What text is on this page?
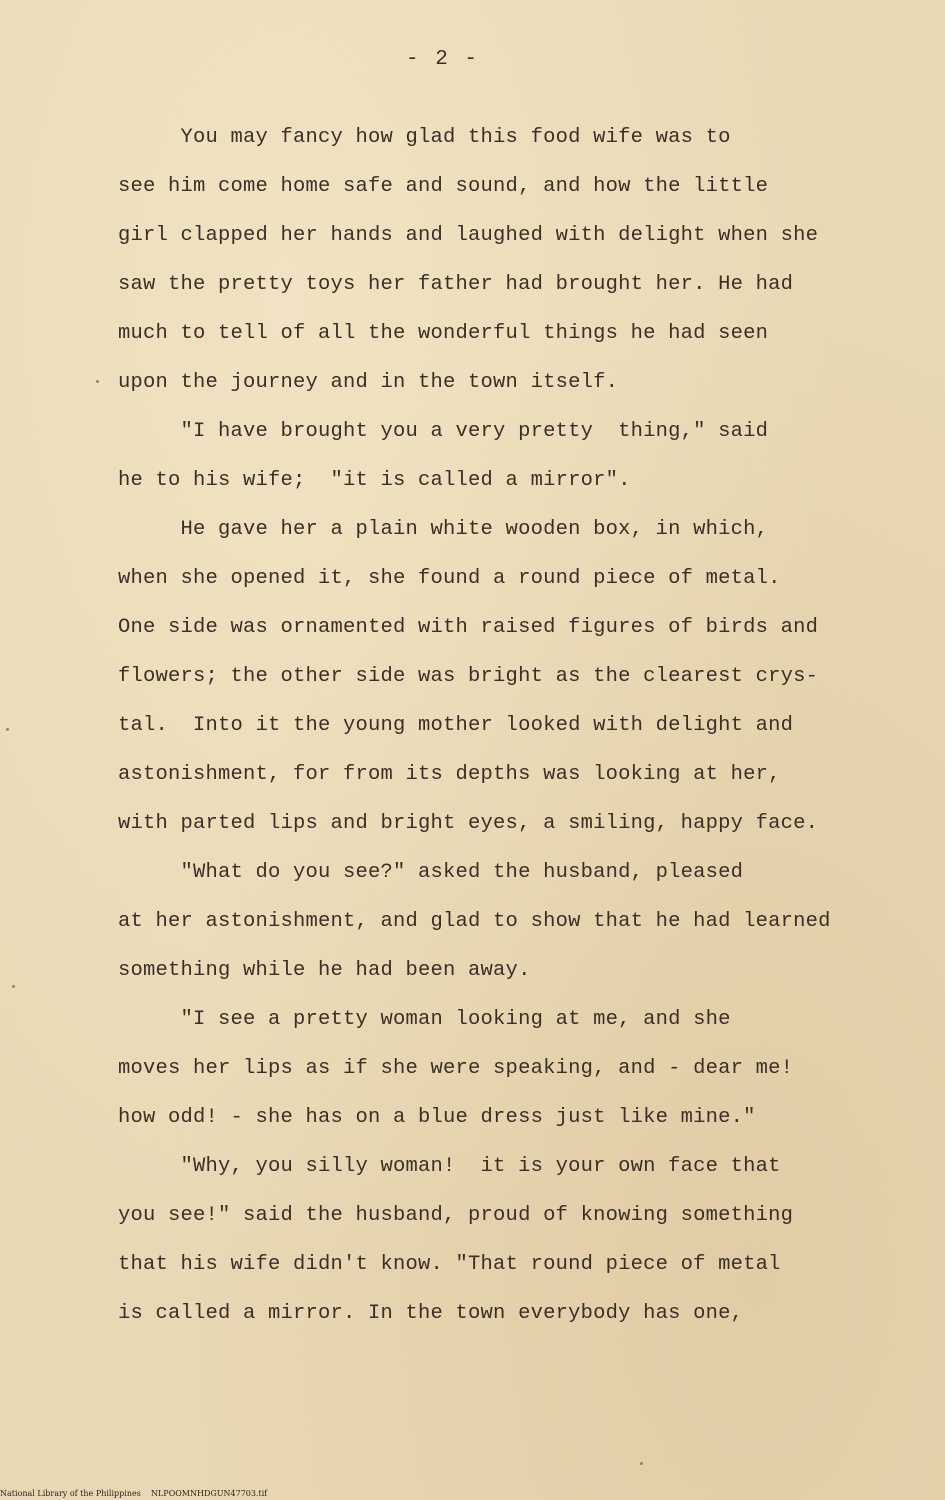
- 2 -
You may fancy how glad this food wife was to
see him come home safe and sound, and how the little
girl clapped her hands and laughed with delight when she
saw the pretty toys her father had brought her. He had
much to tell of all the wonderful things he had seen
upon the journey and in the town itself.
"I have brought you a very pretty  thing," said
he to his wife;  "it is called a mirror".
He gave her a plain white wooden box, in which,
when she opened it, she found a round piece of metal.
One side was ornamented with raised figures of birds and
flowers; the other side was bright as the clearest crys-
tal.  Into it the young mother looked with delight and
astonishment, for from its depths was looking at her,
with parted lips and bright eyes, a smiling, happy face.
"What do you see?" asked the husband, pleased
at her astonishment, and glad to show that he had learned
something while he had been away.
"I see a pretty woman looking at me, and she
moves her lips as if she were speaking, and - dear me!
how odd! - she has on a blue dress just like mine."
"Why, you silly woman!  it is your own face that
you see!" said the husband, proud of knowing something
that his wife didn't know. "That round piece of metal
is called a mirror. In the town everybody has one,
National Library of the Philippines    NLPOOMNHDGUN47703.tif
